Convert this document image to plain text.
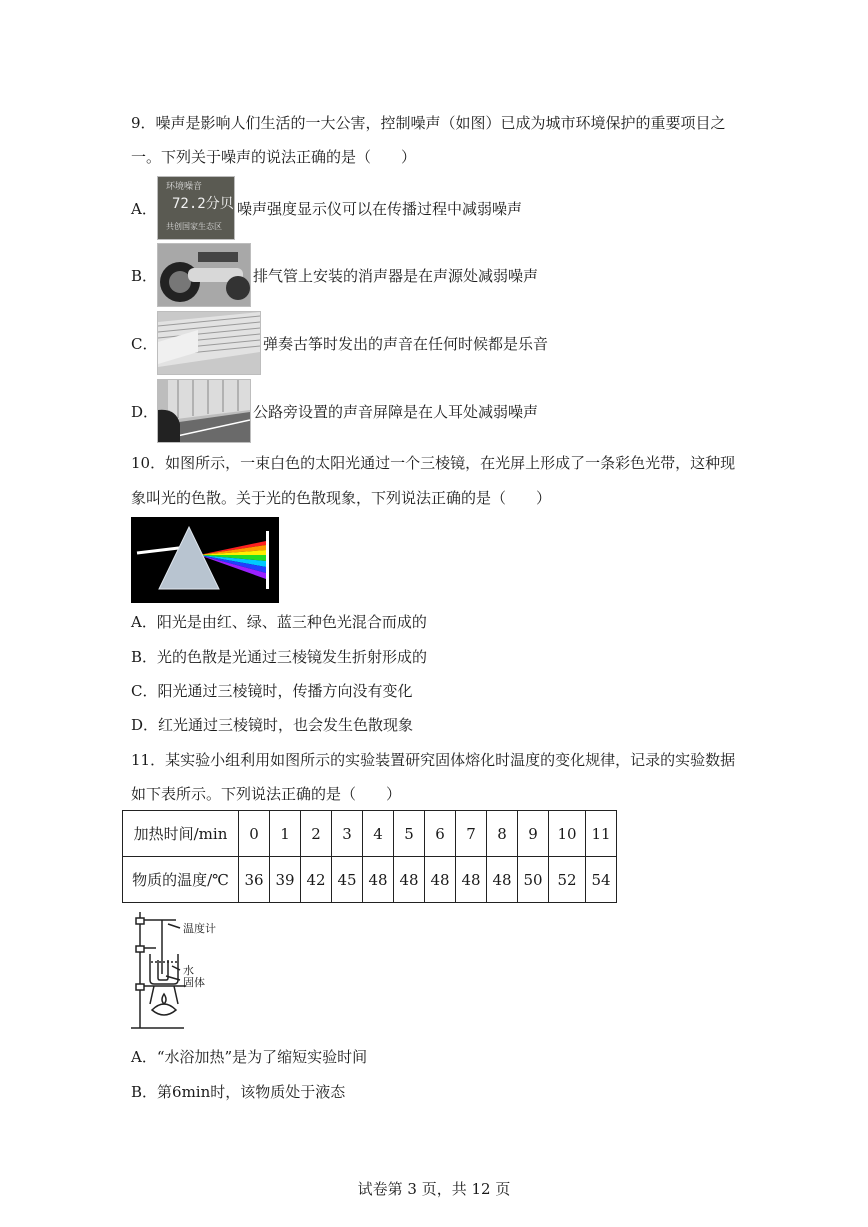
9．噪声是影响人们生活的一大公害，控制噪声（如图）已成为城市环境保护的重要项目之
一。下列关于噪声的说法正确的是（　　）
A．
环境噪音
72.2分贝
共创国家生态区
噪声强度显示仪可以在传播过程中减弱噪声
B．	排气管上安装的消声器是在声源处减弱噪声
C．	弹奏古筝时发出的声音在任何时候都是乐音
D．	公路旁设置的声音屏障是在人耳处减弱噪声
10．如图所示，一束白色的太阳光通过一个三棱镜，在光屏上形成了一条彩色光带，这种现
象叫光的色散。关于光的色散现象，下列说法正确的是（　　）
A．阳光是由红、绿、蓝三种色光混合而成的
B．光的色散是光通过三棱镜发生折射形成的
C．阳光通过三棱镜时，传播方向没有变化
D．红光通过三棱镜时，也会发生色散现象
11．某实验小组利用如图所示的实验装置研究固体熔化时温度的变化规律，记录的实验数据
如下表所示。下列说法正确的是（　　）
加热时间/min	0	1	2	3	4	5	6	7	8	9	10	11
物质的温度/℃	36	39	42	45	48	48	48	48	48	50	52	54
温度计
水
固体
A．“水浴加热”是为了缩短实验时间
B．第6min时，该物质处于液态
试卷第 3 页，共 12 页
